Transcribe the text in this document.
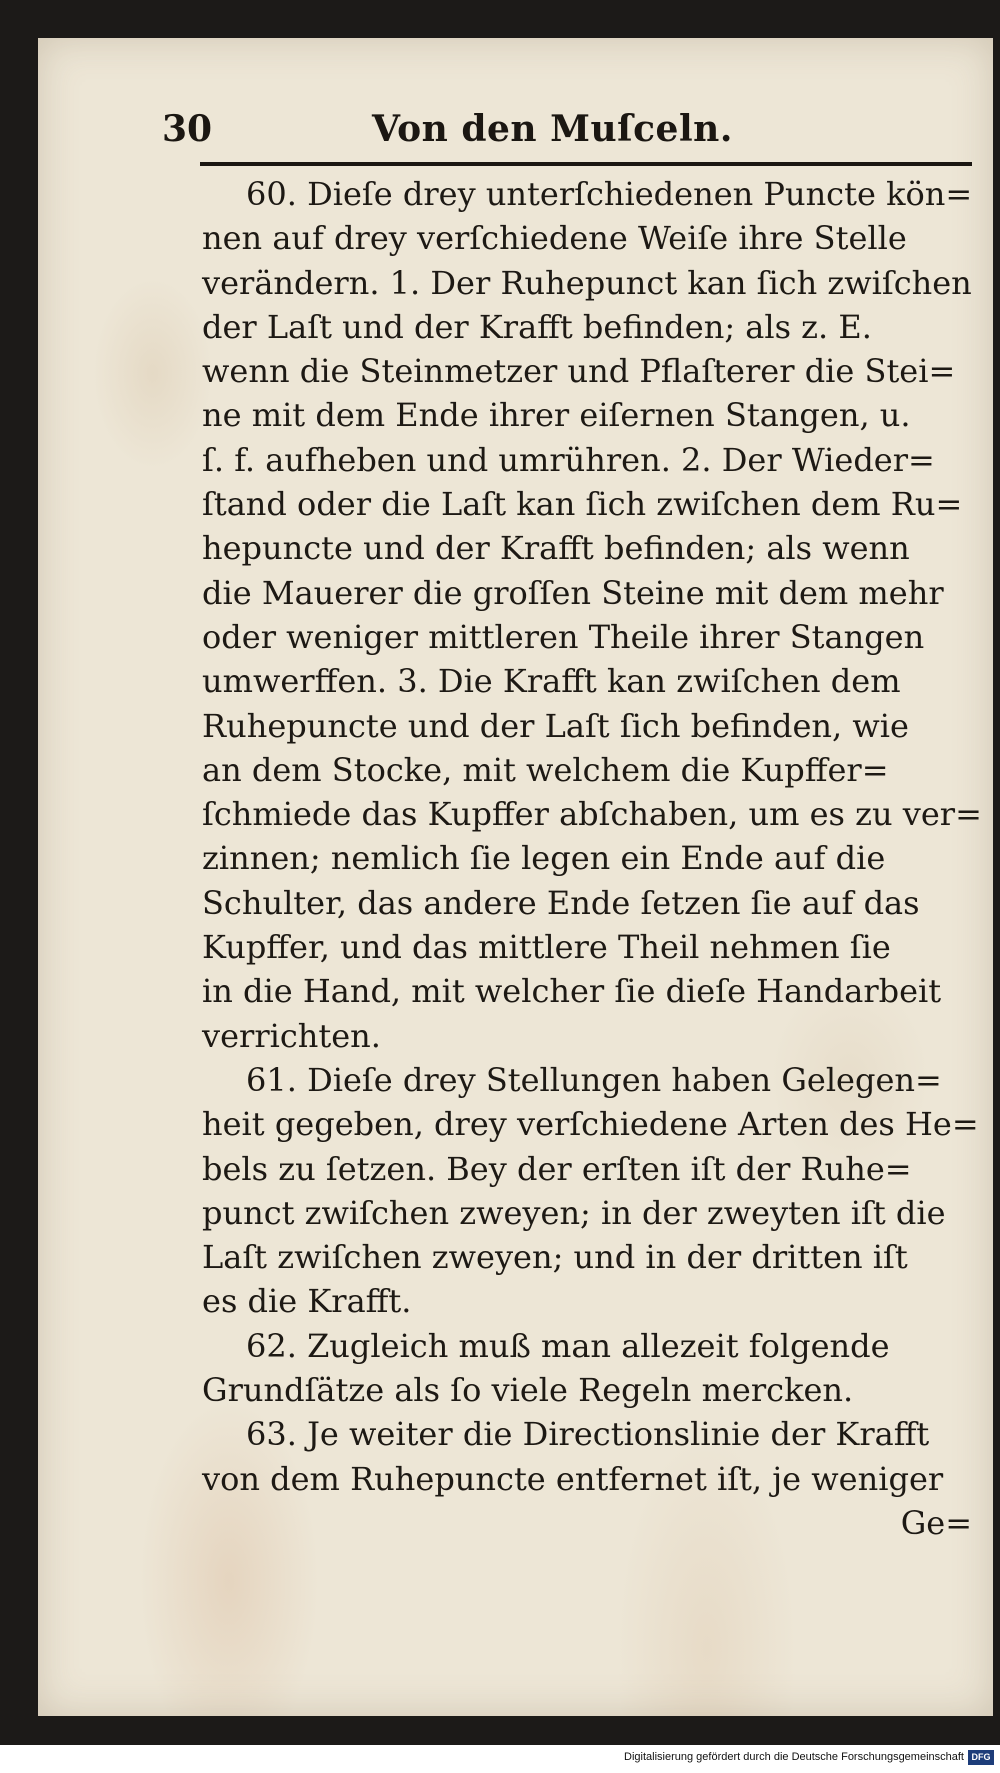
30	Von den Muſceln.
60. Dieſe drey unterſchiedenen Puncte kön=
nen auf drey verſchiedene Weiſe ihre Stelle
verändern. 1. Der Ruhepunct kan ſich zwiſchen
der Laſt und der Krafft befinden; als z. E.
wenn die Steinmetzer und Pflaſterer die Stei=
ne mit dem Ende ihrer eiſernen Stangen, u.
ſ. f. aufheben und umrühren. 2. Der Wieder=
ſtand oder die Laſt kan ſich zwiſchen dem Ru=
hepuncte und der Krafft befinden; als wenn
die Mauerer die groſſen Steine mit dem mehr
oder weniger mittleren Theile ihrer Stangen
umwerffen. 3. Die Krafft kan zwiſchen dem
Ruhepuncte und der Laſt ſich befinden, wie
an dem Stocke, mit welchem die Kupffer=
ſchmiede das Kupffer abſchaben, um es zu ver=
zinnen; nemlich ſie legen ein Ende auf die
Schulter, das andere Ende ſetzen ſie auf das
Kupffer, und das mittlere Theil nehmen ſie
in die Hand, mit welcher ſie dieſe Handarbeit
verrichten.
61. Dieſe drey Stellungen haben Gelegen=
heit gegeben, drey verſchiedene Arten des He=
bels zu ſetzen. Bey der erſten iſt der Ruhe=
punct zwiſchen zweyen; in der zweyten iſt die
Laſt zwiſchen zweyen; und in der dritten iſt
es die Krafft.
62. Zugleich muß man allezeit folgende
Grundſätze als ſo viele Regeln mercken.
63. Je weiter die Directionslinie der Krafft
von dem Ruhepuncte entfernet iſt, je weniger
Ge=
Digitalisierung gefördert durch die Deutsche Forschungsgemeinschaft DFG
